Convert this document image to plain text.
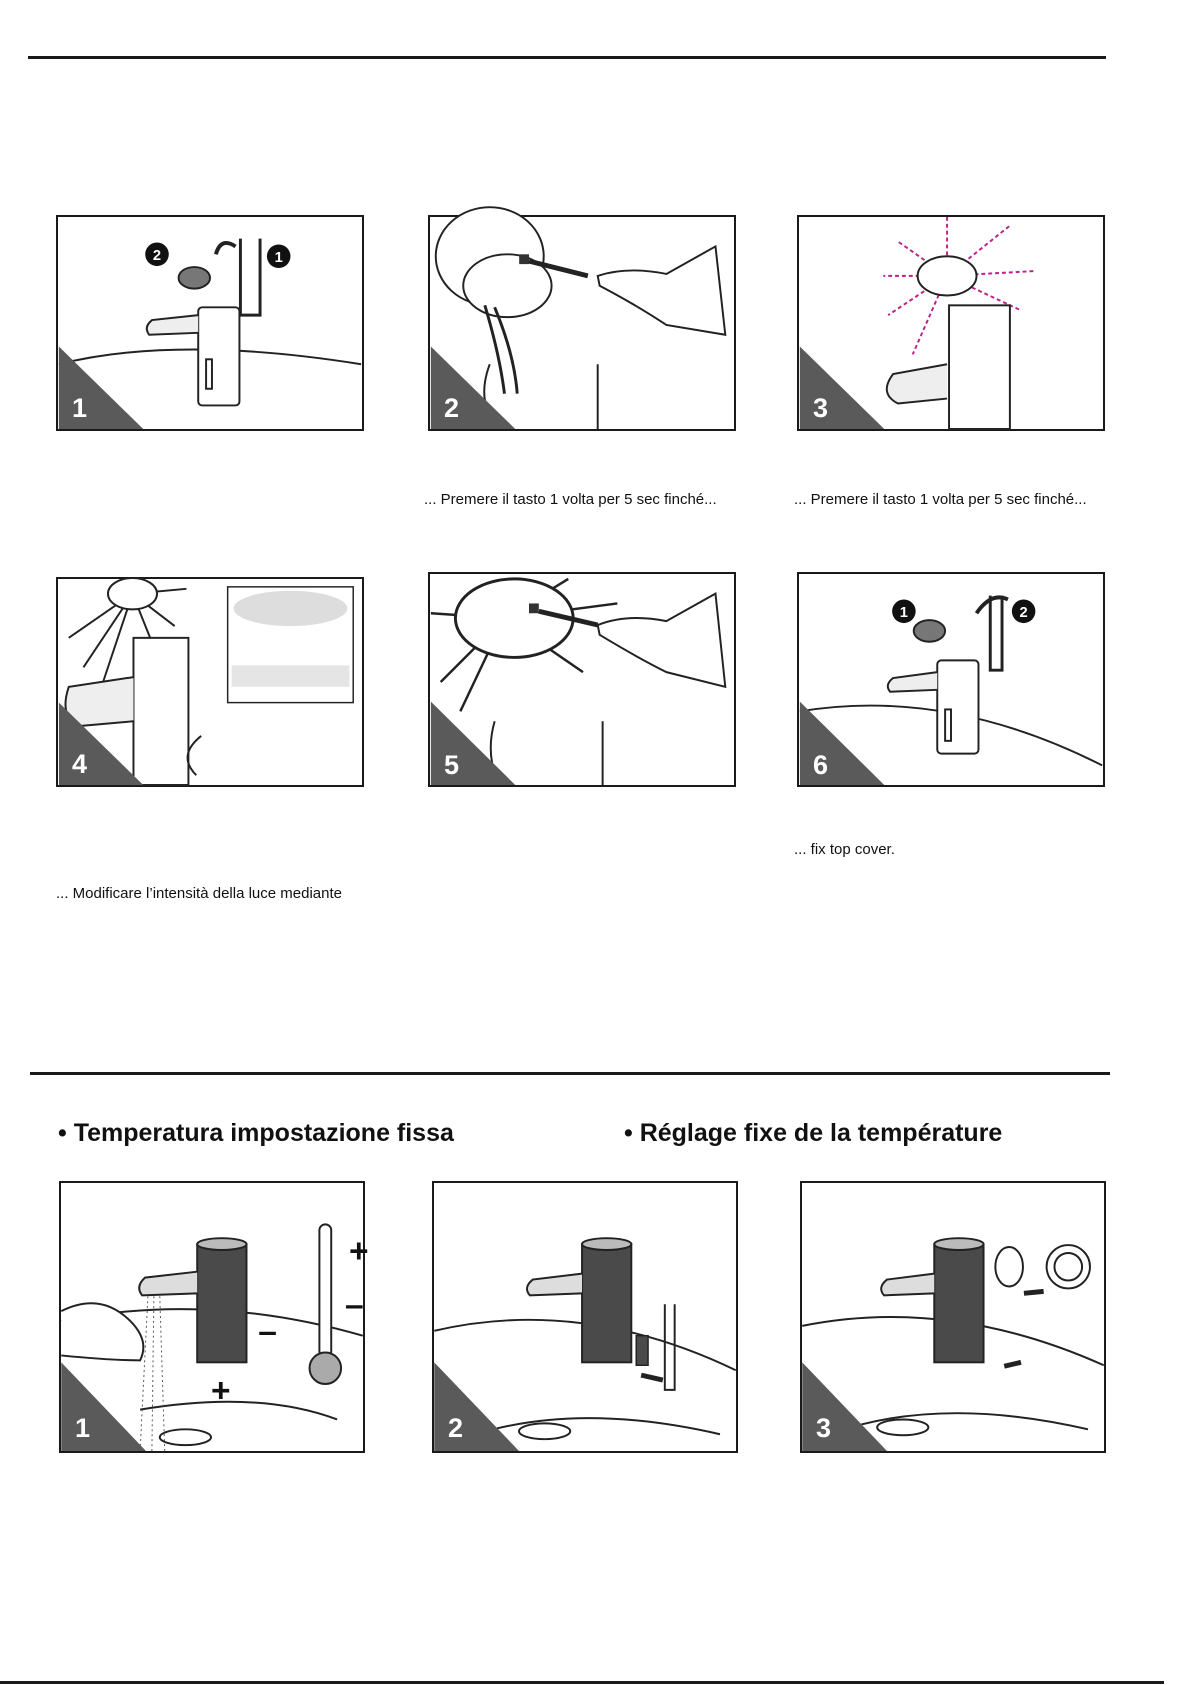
2	1
1	2	3
... Premere il tasto 1 volta per 5 sec finché...	... Premere il tasto 1 volta per 5 sec finché...
4	5
1	2
6
... fix top cover.
... Modificare l’intensità della luce mediante
• Temperatura impostazione fissa	• Réglage fixe de la température
+
–
–
+
1	2	3
